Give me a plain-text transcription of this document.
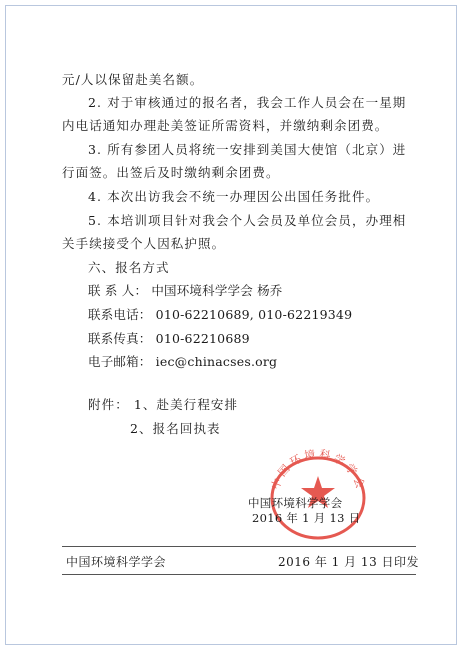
元/人以保留赴美名额。
2. 对于审核通过的报名者，我会工作人员会在一星期
内电话通知办理赴美签证所需资料，并缴纳剩余团费。
3. 所有参团人员将统一安排到美国大使馆（北京）进
行面签。出签后及时缴纳剩余团费。
4. 本次出访我会不统一办理因公出国任务批件。
5. 本培训项目针对我会个人会员及单位会员，办理相
关手续接受个人因私护照。
六、报名方式
联 系 人： 中国环境科学学会 杨乔
联系电话： 010-62210689, 010-62219349
联系传真： 010-62210689
电子邮箱： iec@chinacses.org
附件： 1、赴美行程安排
2、报名回执表
中国环境科学学会
中国环境科学学会
2016 年 1 月 13 日
中国环境科学学会	2016 年 1 月 13 日印发
